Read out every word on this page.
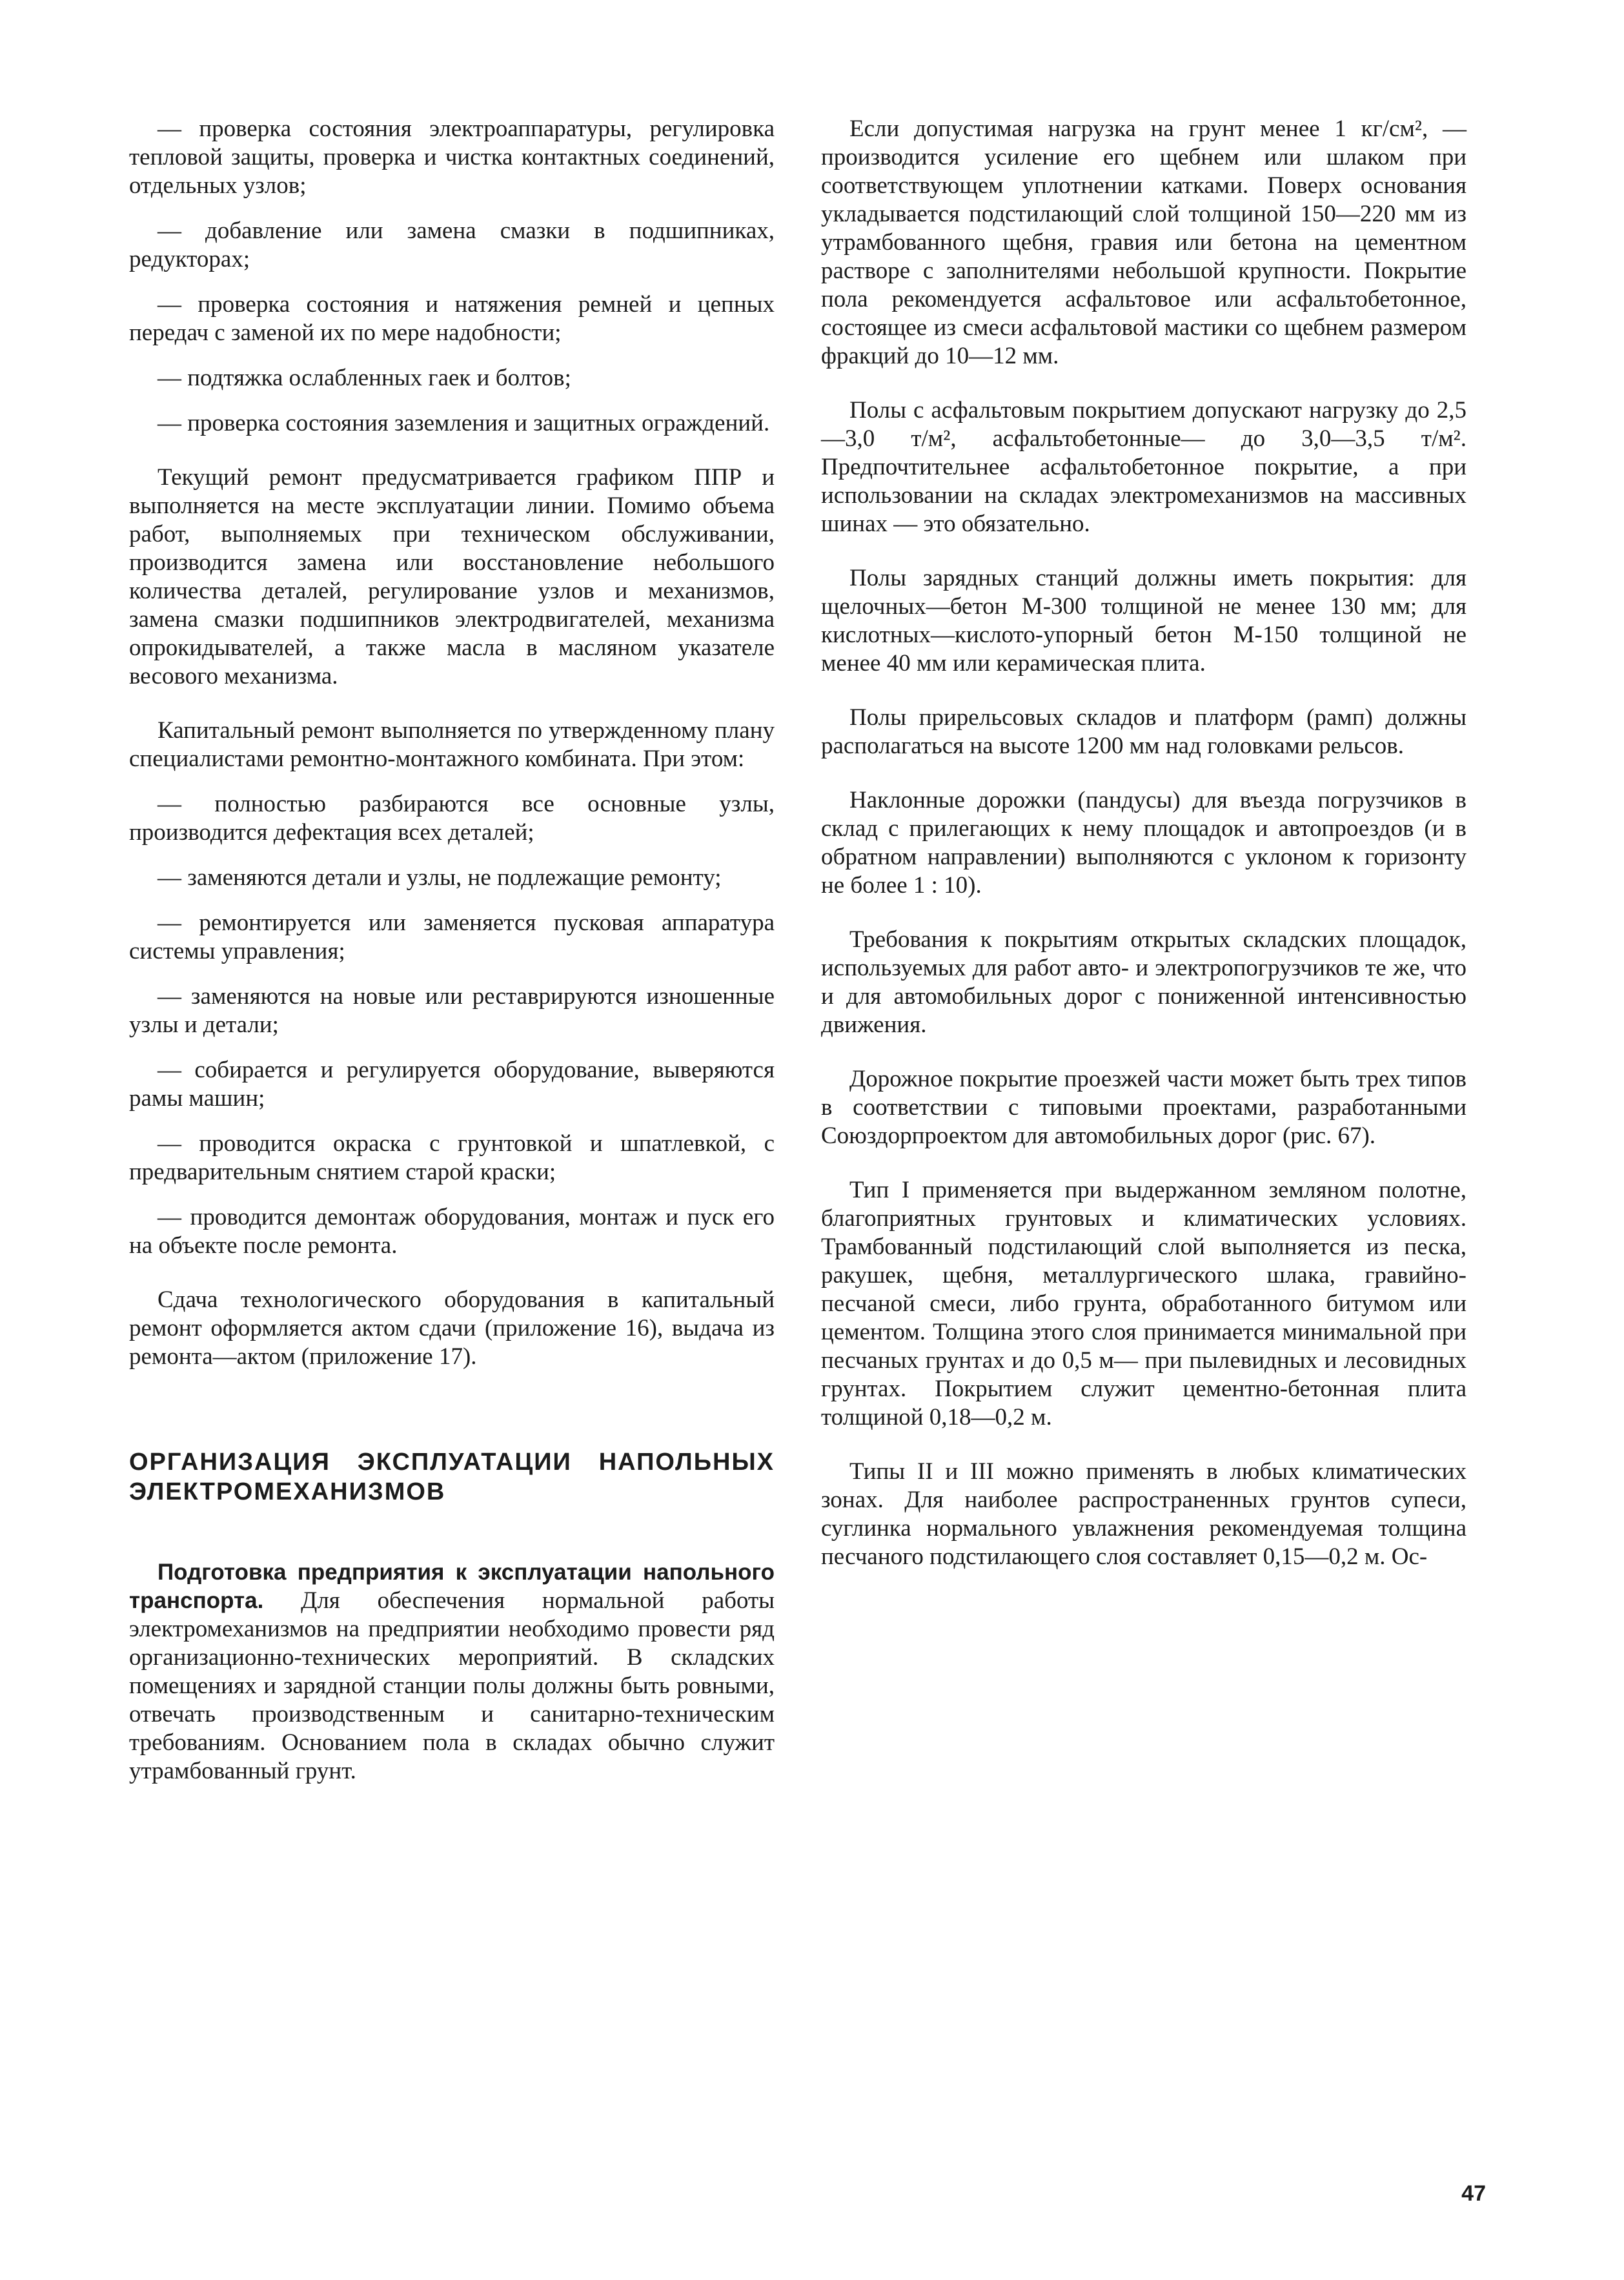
— проверка состояния электроаппаратуры, регулировка тепловой защиты, проверка и чистка контактных соединений, отдельных узлов;

— добавление или замена смазки в подшипниках, редукторах;

— проверка состояния и натяжения ремней и цепных передач с заменой их по мере надобности;

— подтяжка ослабленных гаек и болтов;

— проверка состояния заземления и защитных ограждений.

Текущий ремонт предусматривается графиком ППР и выполняется на месте эксплуатации линии. Помимо объема работ, выполняемых при техническом обслуживании, производится замена или восстановление небольшого количества деталей, регулирование узлов и механизмов, замена смазки подшипников электродвигателей, механизма опрокидывателей, а также масла в масляном указателе весового механизма.

Капитальный ремонт выполняется по утвержденному плану специалистами ремонтно-монтажного комбината. При этом:

— полностью разбираются все основные узлы, производится дефектация всех деталей;

— заменяются детали и узлы, не подлежащие ремонту;

— ремонтируется или заменяется пусковая аппаратура системы управления;

— заменяются на новые или реставрируются изношенные узлы и детали;

— собирается и регулируется оборудование, выверяются рамы машин;

— проводится окраска с грунтовкой и шпатлевкой, с предварительным снятием старой краски;

— проводится демонтаж оборудования, монтаж и пуск его на объекте после ремонта.

Сдача технологического оборудования в капитальный ремонт оформляется актом сдачи (приложение 16), выдача из ремонта—актом (приложение 17).

ОРГАНИЗАЦИЯ ЭКСПЛУАТАЦИИ НАПОЛЬНЫХ ЭЛЕКТРОМЕХАНИЗМОВ

Подготовка предприятия к эксплуатации напольного транспорта. Для обеспечения нормальной работы электромеханизмов на предприятии необходимо провести ряд организационно-технических мероприятий. В складских помещениях и зарядной станции полы должны быть ровными, отвечать производственным и санитарно-техническим требованиям. Основанием пола в складах обычно служит утрамбованный грунт.

Если допустимая нагрузка на грунт менее 1 кг/см², — производится усиление его щебнем или шлаком при соответствующем уплотнении катками. Поверх основания укладывается подстилающий слой толщиной 150—220 мм из утрамбованного щебня, гравия или бетона на цементном растворе с заполнителями небольшой крупности. Покрытие пола рекомендуется асфальтовое или асфальтобетонное, состоящее из смеси асфальтовой мастики со щебнем размером фракций до 10—12 мм.

Полы с асфальтовым покрытием допускают нагрузку до 2,5—3,0 т/м², асфальтобетонные— до 3,0—3,5 т/м². Предпочтительнее асфальтобетонное покрытие, а при использовании на складах электромеханизмов на массивных шинах — это обязательно.

Полы зарядных станций должны иметь покрытия: для щелочных—бетон М-300 толщиной не менее 130 мм; для кислотных—кислото-упорный бетон М-150 толщиной не менее 40 мм или керамическая плита.

Полы прирельсовых складов и платформ (рамп) должны располагаться на высоте 1200 мм над головками рельсов.

Наклонные дорожки (пандусы) для въезда погрузчиков в склад с прилегающих к нему площадок и автопроездов (и в обратном направлении) выполняются с уклоном к горизонту не более 1 : 10).

Требования к покрытиям открытых складских площадок, используемых для работ авто- и электропогрузчиков те же, что и для автомобильных дорог с пониженной интенсивностью движения.

Дорожное покрытие проезжей части может быть трех типов в соответствии с типовыми проектами, разработанными Союздорпроектом для автомобильных дорог (рис. 67).

Тип I применяется при выдержанном земляном полотне, благоприятных грунтовых и климатических условиях. Трамбованный подстилающий слой выполняется из песка, ракушек, щебня, металлургического шлака, гравийно-песчаной смеси, либо грунта, обработанного битумом или цементом. Толщина этого слоя принимается минимальной при песчаных грунтах и до 0,5 м— при пылевидных и лесовидных грунтах. Покрытием служит цементно-бетонная плита толщиной 0,18—0,2 м.

Типы II и III можно применять в любых климатических зонах. Для наиболее распространенных грунтов супеси, суглинка нормального увлажнения рекомендуемая толщина песчаного подстилающего слоя составляет 0,15—0,2 м. Ос-

47
